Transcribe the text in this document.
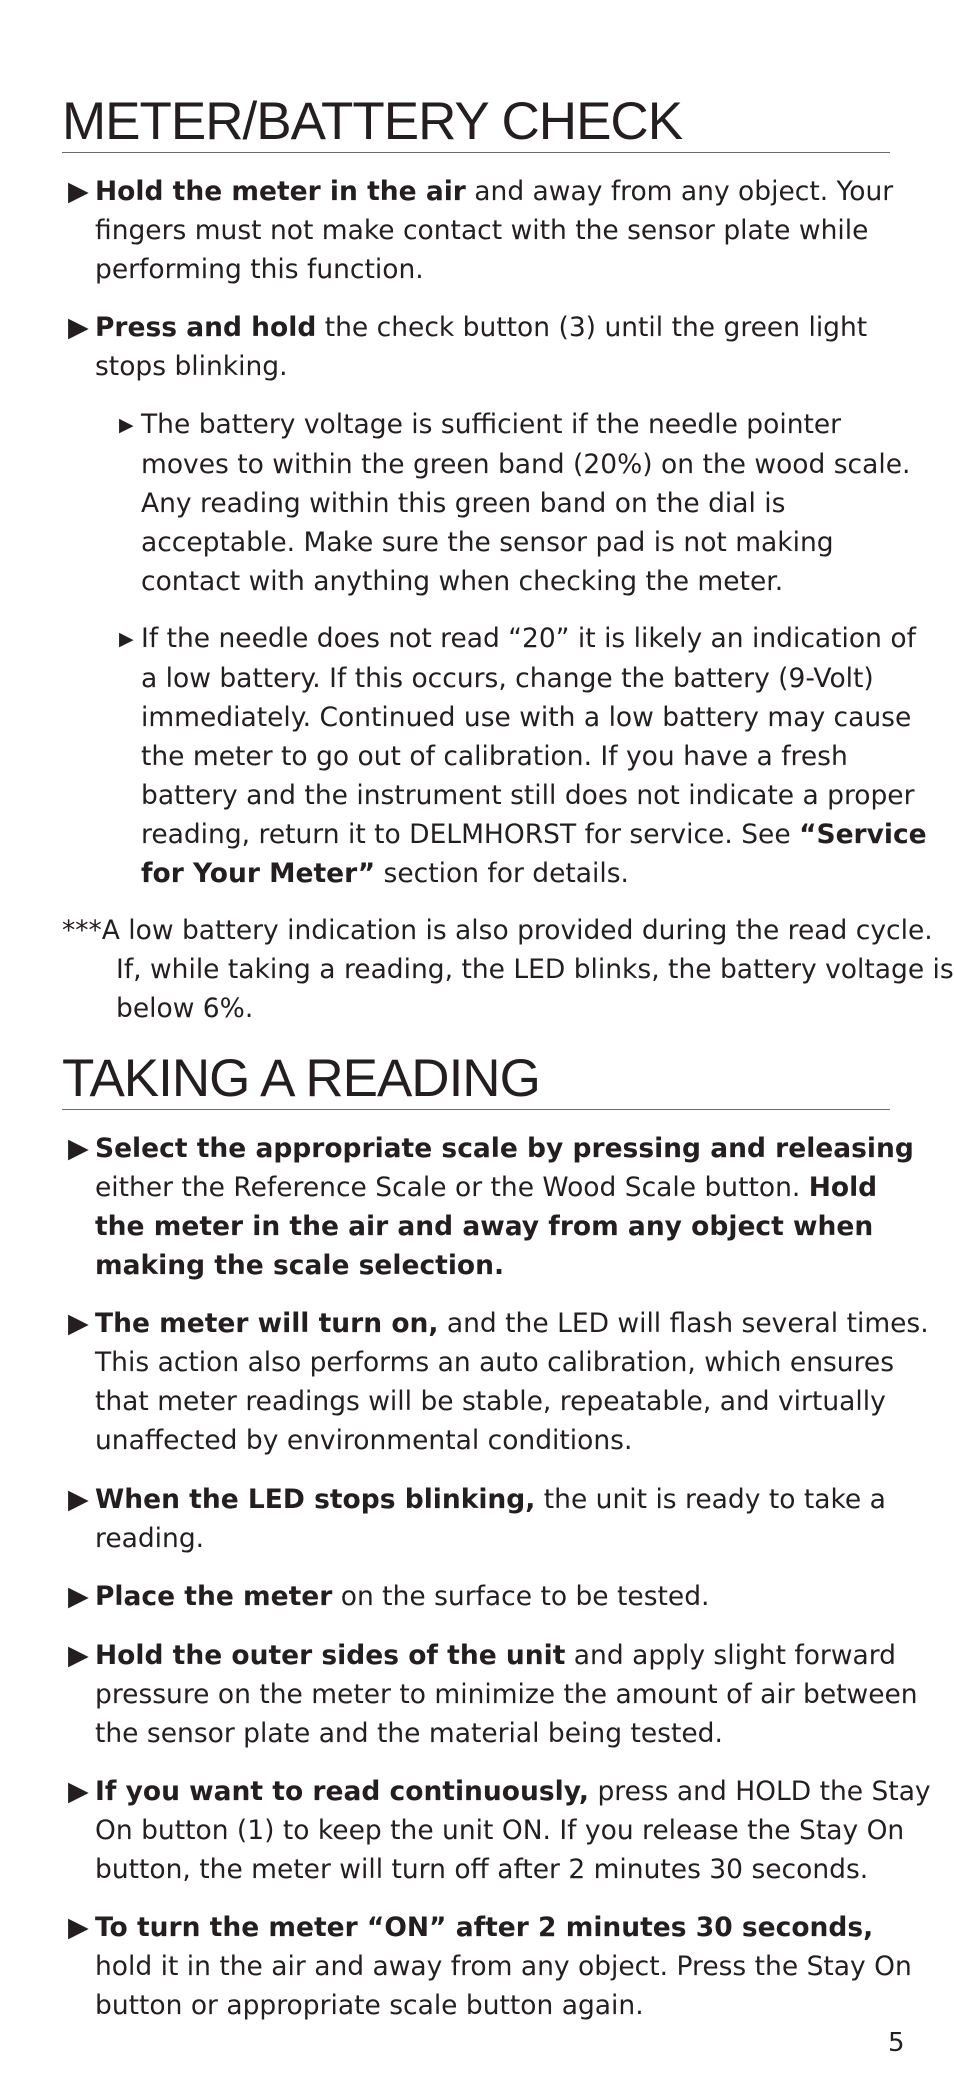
METER/BATTERY CHECK

▶ Hold the meter in the air and away from any object. Your fingers must not make contact with the sensor plate while performing this function.

▶ Press and hold the check button (3) until the green light stops blinking.

▶ The battery voltage is sufficient if the needle pointer moves to within the green band (20%) on the wood scale. Any reading within this green band on the dial is acceptable. Make sure the sensor pad is not making contact with anything when checking the meter.

▶ If the needle does not read “20” it is likely an indication of a low battery. If this occurs, change the battery (9-Volt) immediately. Continued use with a low battery may cause the meter to go out of calibration. If you have a fresh battery and the instrument still does not indicate a proper reading, return it to DELMHORST for service. See “Service for Your Meter” section for details.

***A low battery indication is also provided during the read cycle. If, while taking a reading, the LED blinks, the battery voltage is below 6%.

TAKING A READING

▶ Select the appropriate scale by pressing and releasing either the Reference Scale or the Wood Scale button. Hold the meter in the air and away from any object when making the scale selection.

▶ The meter will turn on, and the LED will flash several times. This action also performs an auto calibration, which ensures that meter readings will be stable, repeatable, and virtually unaffected by environmental conditions.

▶ When the LED stops blinking, the unit is ready to take a reading.

▶ Place the meter on the surface to be tested.

▶ Hold the outer sides of the unit and apply slight forward pressure on the meter to minimize the amount of air between the sensor plate and the material being tested.

▶ If you want to read continuously, press and HOLD the Stay On button (1) to keep the unit ON. If you release the Stay On button, the meter will turn off after 2 minutes 30 seconds.

▶ To turn the meter “ON” after 2 minutes 30 seconds, hold it in the air and away from any object. Press the Stay On button or appropriate scale button again.

5
